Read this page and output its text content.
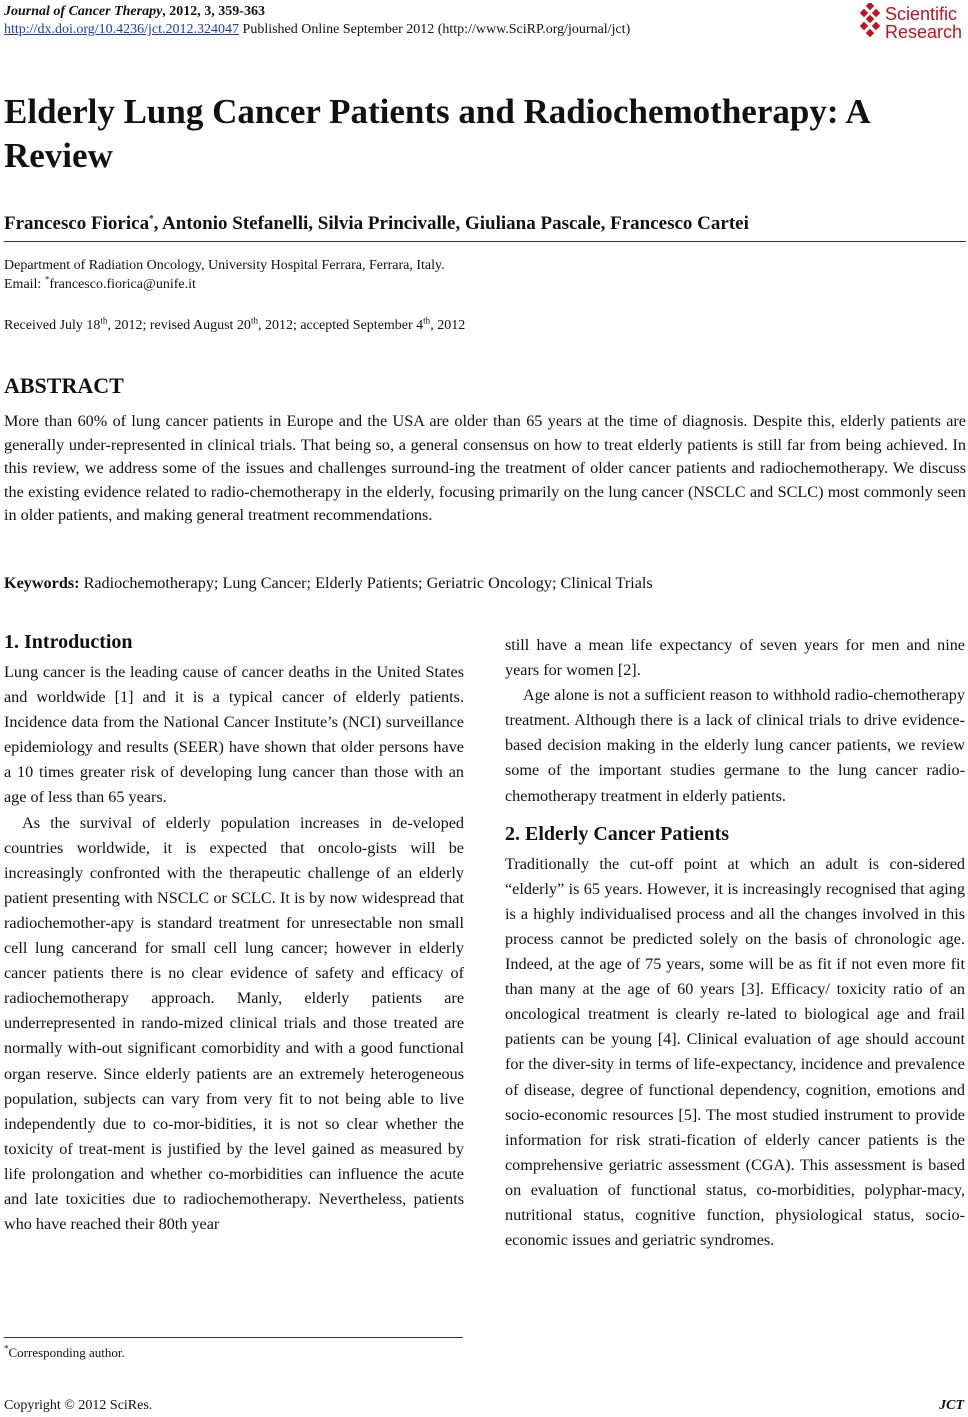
Journal of Cancer Therapy, 2012, 3, 359-363
http://dx.doi.org/10.4236/jct.2012.324047 Published Online September 2012 (http://www.SciRP.org/journal/jct)
Scientific
Research
Elderly Lung Cancer Patients and Radiochemotherapy: A Review
Francesco Fiorica*, Antonio Stefanelli, Silvia Princivalle, Giuliana Pascale, Francesco Cartei
Department of Radiation Oncology, University Hospital Ferrara, Ferrara, Italy.
Email: *francesco.fiorica@unife.it
Received July 18th, 2012; revised August 20th, 2012; accepted September 4th, 2012
ABSTRACT

More than 60% of lung cancer patients in Europe and the USA are older than 65 years at the time of diagnosis. Despite this, elderly patients are generally under-represented in clinical trials. That being so, a general consensus on how to treat elderly patients is still far from being achieved. In this review, we address some of the issues and challenges surround-ing the treatment of older cancer patients and radiochemotherapy. We discuss the existing evidence related to radio-chemotherapy in the elderly, focusing primarily on the lung cancer (NSCLC and SCLC) most commonly seen in older patients, and making general treatment recommendations.

Keywords: Radiochemotherapy; Lung Cancer; Elderly Patients; Geriatric Oncology; Clinical Trials

1. Introduction

Lung cancer is the leading cause of cancer deaths in the United States and worldwide [1] and it is a typical cancer of elderly patients. Incidence data from the National Cancer Institute’s (NCI) surveillance epidemiology and results (SEER) have shown that older persons have a 10 times greater risk of developing lung cancer than those with an age of less than 65 years.

As the survival of elderly population increases in de-veloped countries worldwide, it is expected that oncolo-gists will be increasingly confronted with the therapeutic challenge of an elderly patient presenting with NSCLC or SCLC. It is by now widespread that radiochemother-apy is standard treatment for unresectable non small cell lung cancerand for small cell lung cancer; however in elderly cancer patients there is no clear evidence of safety and efficacy of radiochemotherapy approach. Manly, elderly patients are underrepresented in rando-mized clinical trials and those treated are normally with-out significant comorbidity and with a good functional organ reserve. Since elderly patients are an extremely heterogeneous population, subjects can vary from very fit to not being able to live independently due to co-mor-bidities, it is not so clear whether the toxicity of treat-ment is justified by the level gained as measured by life prolongation and whether co-morbidities can influence the acute and late toxicities due to radiochemotherapy. Nevertheless, patients who have reached their 80th year

still have a mean life expectancy of seven years for men and nine years for women [2].

Age alone is not a sufficient reason to withhold radio-chemotherapy treatment. Although there is a lack of clinical trials to drive evidence-based decision making in the elderly lung cancer patients, we review some of the important studies germane to the lung cancer radio-chemotherapy treatment in elderly patients.

2. Elderly Cancer Patients

Traditionally the cut-off point at which an adult is con-sidered “elderly” is 65 years. However, it is increasingly recognised that aging is a highly individualised process and all the changes involved in this process cannot be predicted solely on the basis of chronologic age. Indeed, at the age of 75 years, some will be as fit if not even more fit than many at the age of 60 years [3]. Efficacy/ toxicity ratio of an oncological treatment is clearly re-lated to biological age and frail patients can be young [4]. Clinical evaluation of age should account for the diver-sity in terms of life-expectancy, incidence and prevalence of disease, degree of functional dependency, cognition, emotions and socio-economic resources [5]. The most studied instrument to provide information for risk strati-fication of elderly cancer patients is the comprehensive geriatric assessment (CGA). This assessment is based on evaluation of functional status, co-morbidities, polyphar-macy, nutritional status, cognitive function, physiological status, socio-economic issues and geriatric syndromes.

*Corresponding author.
Copyright © 2012 SciRes.	JCT
